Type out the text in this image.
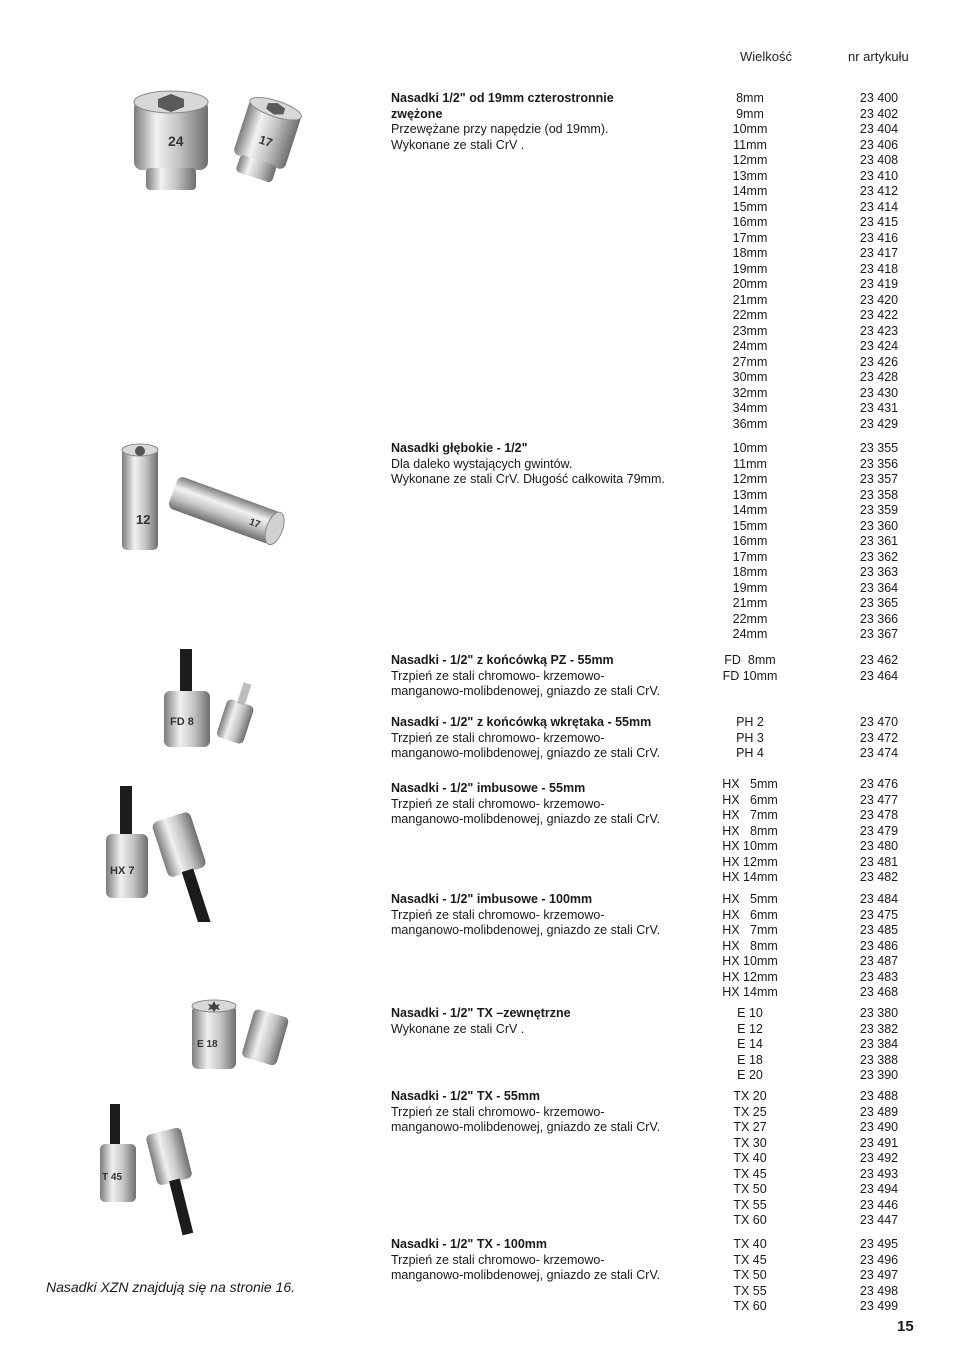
Wielkość	nr artykułu
Nasadki 1/2" od 19mm czterostronnie
zwężone
Przewężane przy napędzie (od 19mm).
Wykonane ze stali CrV .
8mm	23 400
9mm	23 402
10mm	23 404
11mm	23 406
12mm	23 408
13mm	23 410
14mm	23 412
15mm	23 414
16mm	23 415
17mm	23 416
18mm	23 417
19mm	23 418
20mm	23 419
21mm	23 420
22mm	23 422
23mm	23 423
24mm	23 424
27mm	23 426
30mm	23 428
32mm	23 430
34mm	23 431
36mm	23 429
Nasadki głębokie - 1/2"
Dla daleko wystających gwintów.
Wykonane ze stali CrV. Długość całkowita 79mm.
10mm	23 355
11mm	23 356
12mm	23 357
13mm	23 358
14mm	23 359
15mm	23 360
16mm	23 361
17mm	23 362
18mm	23 363
19mm	23 364
21mm	23 365
22mm	23 366
24mm	23 367
Nasadki - 1/2" z końcówką PZ - 55mm
Trzpień ze stali chromowo- krzemowo-
manganowo-molibdenowej, gniazdo ze stali CrV.
FD  8mm	23 462
FD 10mm	23 464
Nasadki - 1/2" z końcówką wkrętaka - 55mm
Trzpień ze stali chromowo- krzemowo-
manganowo-molibdenowej, gniazdo ze stali CrV.
PH 2	23 470
PH 3	23 472
PH 4	23 474
Nasadki - 1/2" imbusowe - 55mm
Trzpień ze stali chromowo- krzemowo-
manganowo-molibdenowej, gniazdo ze stali CrV.
HX   5mm	23 476
HX   6mm	23 477
HX   7mm	23 478
HX   8mm	23 479
HX 10mm	23 480
HX 12mm	23 481
HX 14mm	23 482
Nasadki - 1/2" imbusowe - 100mm
Trzpień ze stali chromowo- krzemowo-
manganowo-molibdenowej, gniazdo ze stali CrV.
HX   5mm	23 484
HX   6mm	23 475
HX   7mm	23 485
HX   8mm	23 486
HX 10mm	23 487
HX 12mm	23 483
HX 14mm	23 468
Nasadki - 1/2" TX –zewnętrzne
Wykonane ze stali CrV .
E 10	23 380
E 12	23 382
E 14	23 384
E 18	23 388
E 20	23 390
Nasadki - 1/2" TX - 55mm
Trzpień ze stali chromowo- krzemowo-
manganowo-molibdenowej, gniazdo ze stali CrV.
TX 20	23 488
TX 25	23 489
TX 27	23 490
TX 30	23 491
TX 40	23 492
TX 45	23 493
TX 50	23 494
TX 55	23 446
TX 60	23 447
Nasadki - 1/2" TX - 100mm
Trzpień ze stali chromowo- krzemowo-
manganowo-molibdenowej, gniazdo ze stali CrV.
TX 40	23 495
TX 45	23 496
TX 50	23 497
TX 55	23 498
TX 60	23 499
24	17
12	17
FD 8
HX 7
E 18
T 45
Nasadki XZN znajdują się na stronie 16.
15
